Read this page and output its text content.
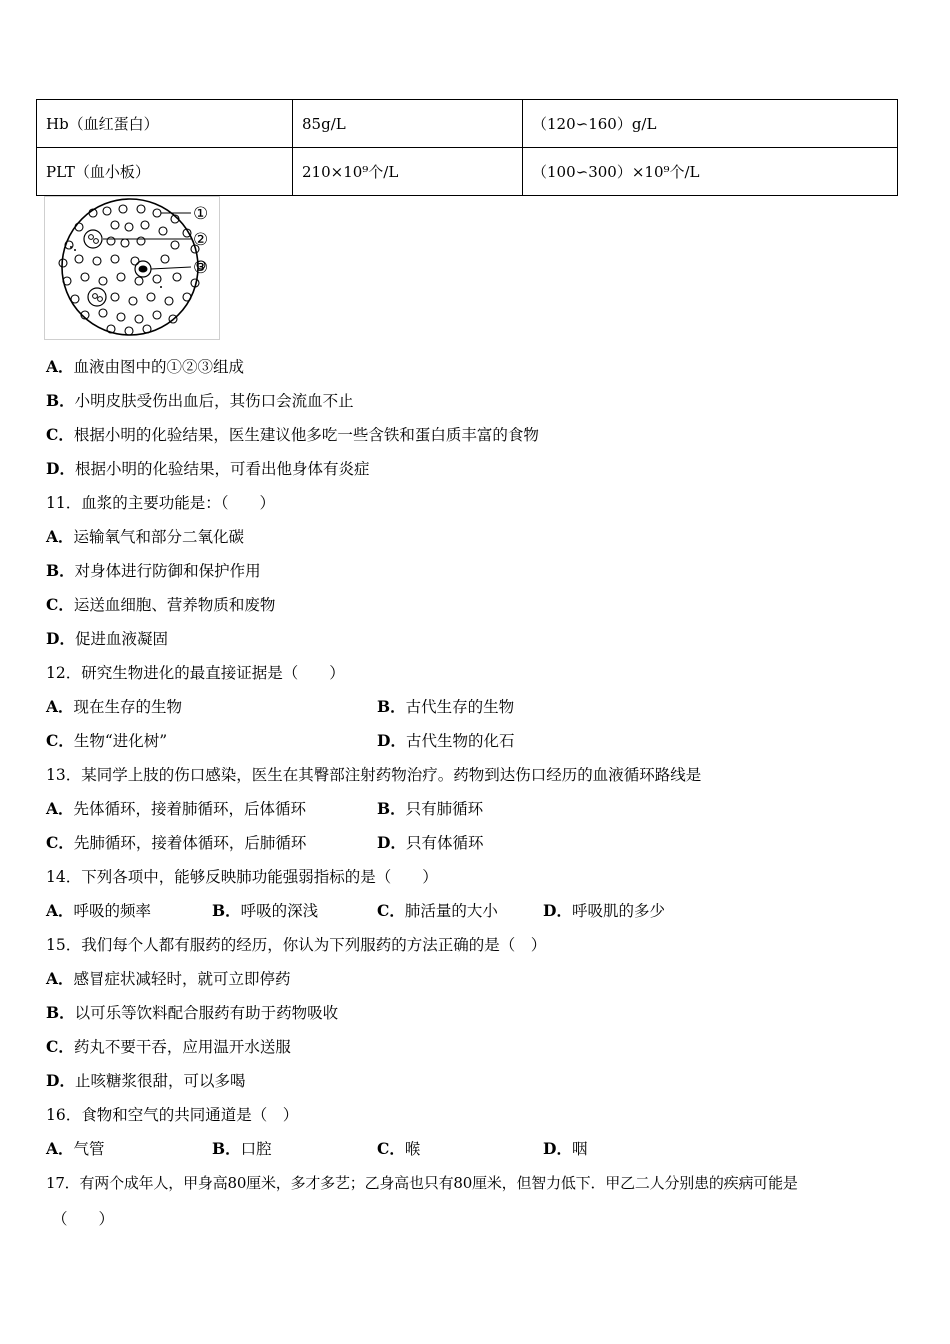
Hb（血红蛋白）	85g/L	（120∽160）g/L
PLT（血小板）	210×10⁹个/L	（100∽300）×10⁹个/L
①
②
③
A．血液由图中的①②③组成
B．小明皮肤受伤出血后，其伤口会流血不止
C．根据小明的化验结果，医生建议他多吃一些含铁和蛋白质丰富的食物
D．根据小明的化验结果，可看出他身体有炎症
11．血浆的主要功能是：（　　）
A．运输氧气和部分二氧化碳
B．对身体进行防御和保护作用
C．运送血细胞、营养物质和废物
D．促进血液凝固
12．研究生物进化的最直接证据是（　　）
A．现在生存的生物	B．古代生存的生物
C．生物“进化树”	D．古代生物的化石
13．某同学上肢的伤口感染，医生在其臀部注射药物治疗。药物到达伤口经历的血液循环路线是
A．先体循环，接着肺循环，后体循环	B．只有肺循环
C．先肺循环，接着体循环，后肺循环	D．只有体循环
14．下列各项中，能够反映肺功能强弱指标的是（　　）
A．呼吸的频率	B．呼吸的深浅	C．肺活量的大小	D．呼吸肌的多少
15．我们每个人都有服药的经历，你认为下列服药的方法正确的是（　）
A．感冒症状减轻时，就可立即停药
B．以可乐等饮料配合服药有助于药物吸收
C．药丸不要干吞，应用温开水送服
D．止咳糖浆很甜，可以多喝
16．食物和空气的共同通道是（　）
A．气管	B．口腔	C．喉	D．咽
17．有两个成年人，甲身高80厘米，多才多艺；乙身高也只有80厘米，但智力低下．甲乙二人分别患的疾病可能是
（　　）
